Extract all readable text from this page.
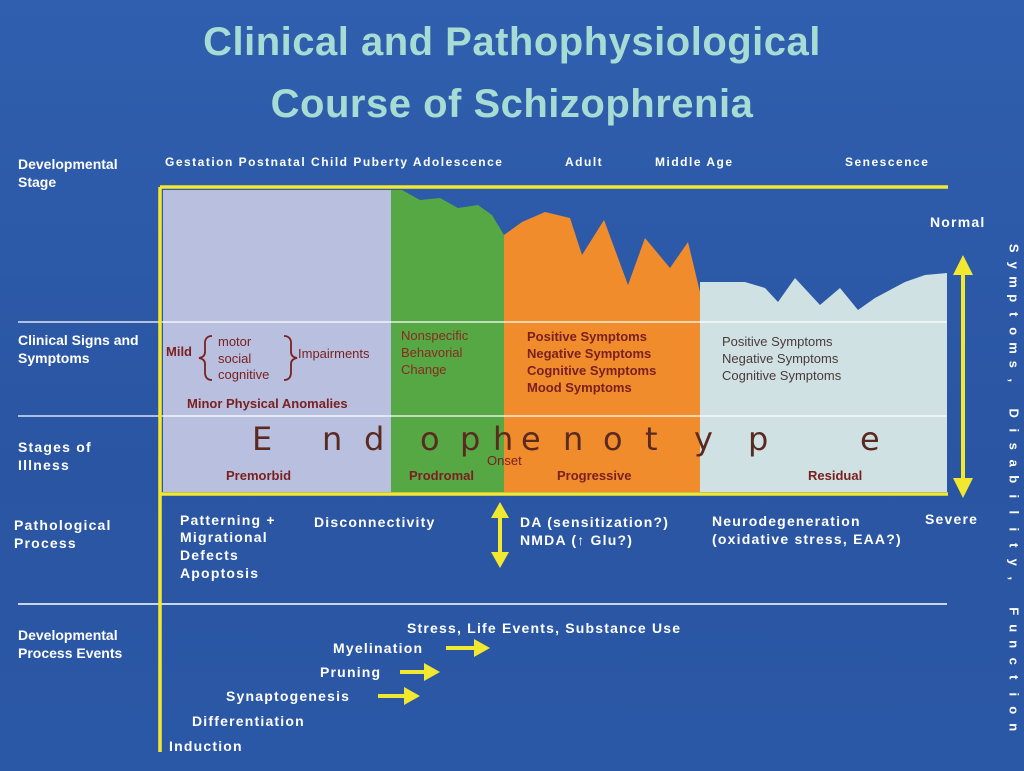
Clinical and Pathophysiological
Course of Schizophrenia
Developmental Stage
Clinical Signs and Symptoms
Stages of Illness
Pathological Process
Developmental Process Events
Gestation Postnatal Child Puberty Adolescence	Adult	Middle Age	Senescence
Normal
Severe
S
y
m
p
t
o
m
s
,

D
i
s
a
b
i
l
i
t
y
,

F
u
n
c
t
i
o
n
Mild
motor
social
cognitive
Impairments
Minor Physical Anomalies
Nonspecific
Behavorial
Change
Positive Symptoms
Negative Symptoms
Cognitive Symptoms
Mood Symptoms
Positive Symptoms
Negative Symptoms
Cognitive Symptoms
E n d o p h e n o t y p	e
Premorbid	Prodromal
Onset
Progressive	Residual
Patterning +
Migrational
Defects
Apoptosis
Disconnectivity	DA (sensitization?)
NMDA (↑ Glu?)
Neurodegeneration
(oxidative stress, EAA?)
Stress, Life Events, Substance Use
Myelination
Pruning
Synaptogenesis
Differentiation
Induction
